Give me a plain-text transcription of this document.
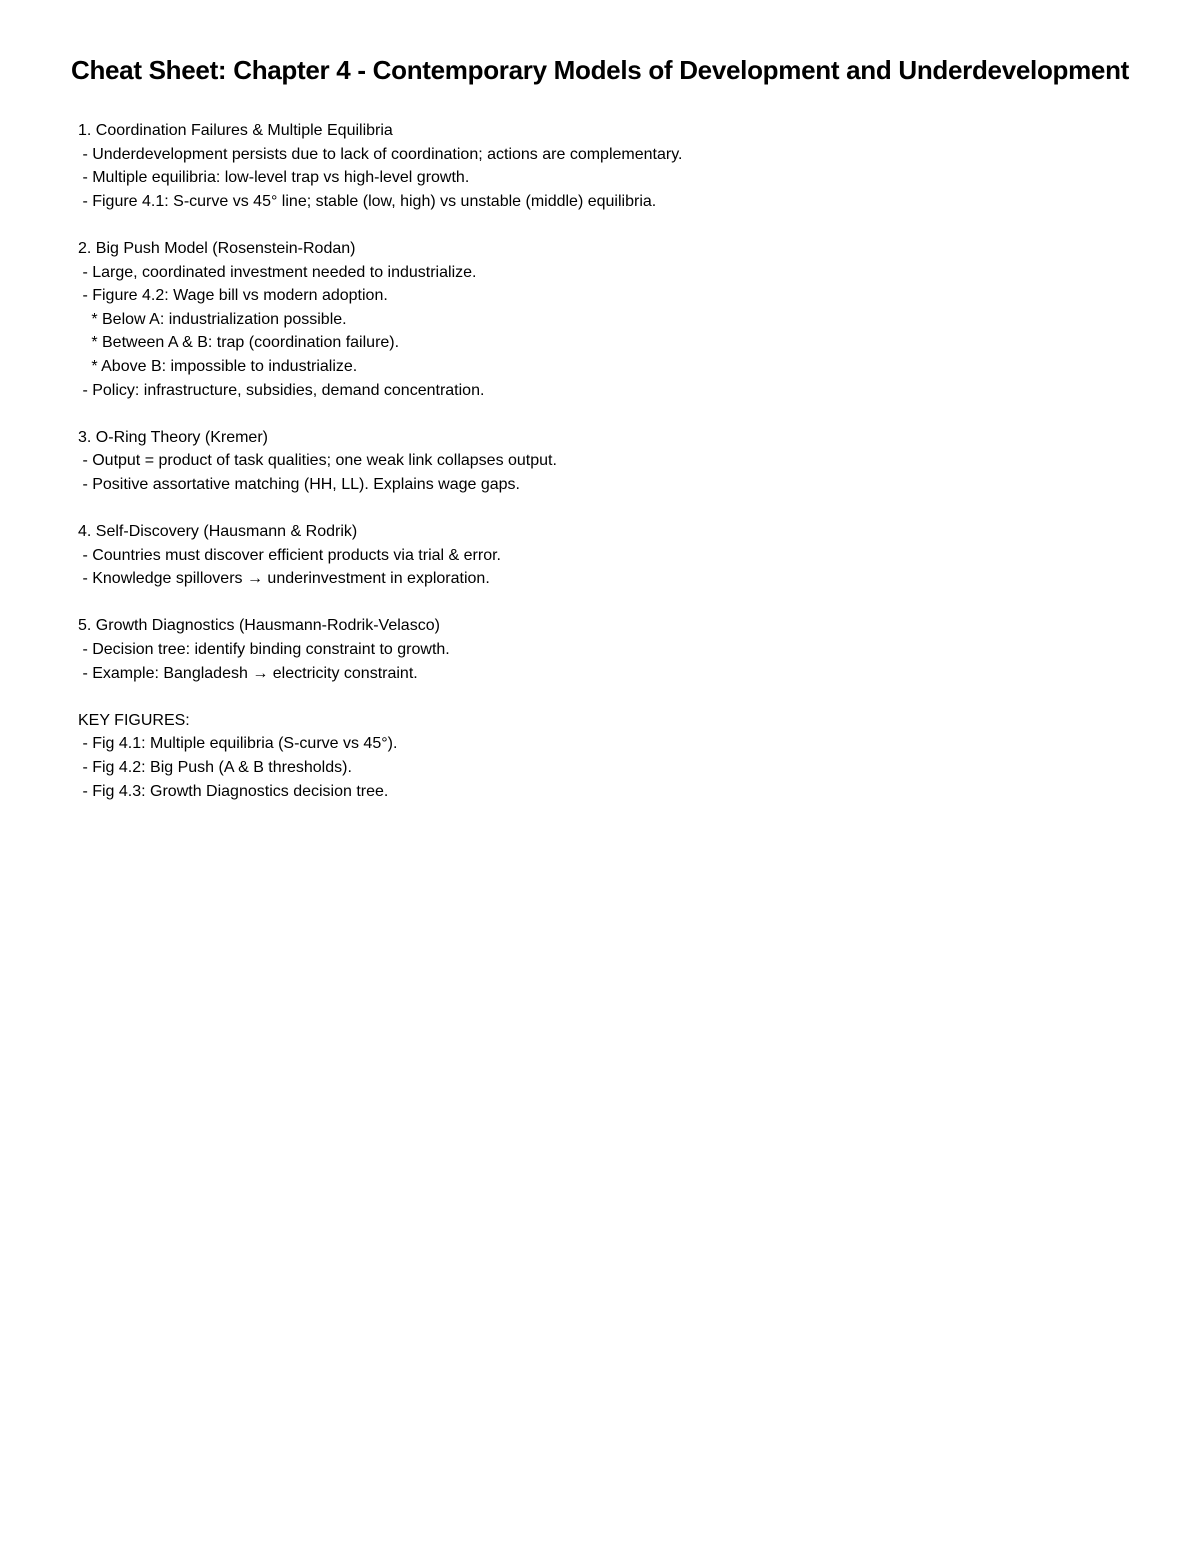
Cheat Sheet: Chapter 4 - Contemporary Models of Development and Underdevelopment
1. Coordination Failures & Multiple Equilibria
- Underdevelopment persists due to lack of coordination; actions are complementary.
- Multiple equilibria: low-level trap vs high-level growth.
- Figure 4.1: S-curve vs 45° line; stable (low, high) vs unstable (middle) equilibria.
2. Big Push Model (Rosenstein-Rodan)
- Large, coordinated investment needed to industrialize.
- Figure 4.2: Wage bill vs modern adoption.
* Below A: industrialization possible.
* Between A & B: trap (coordination failure).
* Above B: impossible to industrialize.
- Policy: infrastructure, subsidies, demand concentration.
3. O-Ring Theory (Kremer)
- Output = product of task qualities; one weak link collapses output.
- Positive assortative matching (HH, LL). Explains wage gaps.
4. Self-Discovery (Hausmann & Rodrik)
- Countries must discover efficient products via trial & error.
- Knowledge spillovers → underinvestment in exploration.
5. Growth Diagnostics (Hausmann-Rodrik-Velasco)
- Decision tree: identify binding constraint to growth.
- Example: Bangladesh → electricity constraint.
KEY FIGURES:
- Fig 4.1: Multiple equilibria (S-curve vs 45°).
- Fig 4.2: Big Push (A & B thresholds).
- Fig 4.3: Growth Diagnostics decision tree.
